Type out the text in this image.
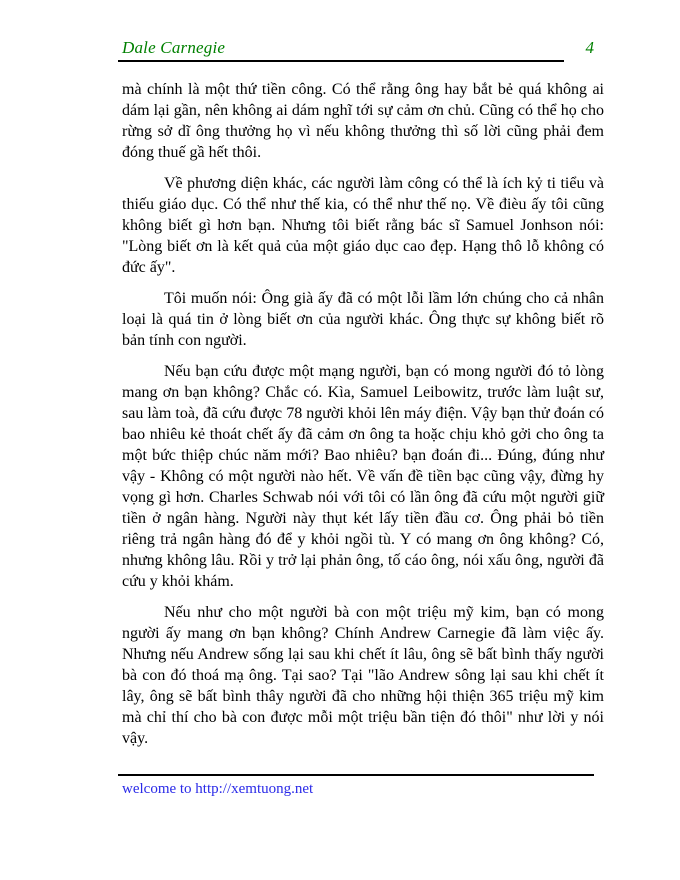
Dale Carnegie	4

mà chính là một thứ tiền công. Có thể rằng ông hay bắt bẻ quá không ai dám lại gần, nên không ai dám nghĩ tới sự cảm ơn chủ. Cũng có thể họ cho rừng sở dĩ ông thưởng họ vì nếu không thưởng thì số lời cũng phải đem đóng thuế gầ hết thôi.

Về phương diện khác, các người làm công có thể là ích kỷ ti tiểu và thiếu giáo dục. Có thể như thế kia, có thể như thế nọ. Về đièu ấy tôi cũng không biết gì hơn bạn. Nhưng tôi biết rằng bác sĩ Samuel Jonhson nói: "Lòng biết ơn là kết quả của một giáo dục cao đẹp. Hạng thô lỗ không có đức ấy".

Tôi muốn nói: Ông già ấy đã có một lỗi lầm lớn chúng cho cả nhân loại là quá tin ở lòng biết ơn của người khác. Ông thực sự không biết rõ bản tính con người.

Nếu bạn cứu được một mạng người, bạn có mong người đó tỏ lòng mang ơn bạn không? Chắc có. Kìa, Samuel Leibowitz, trước làm luật sư, sau làm toà, đã cứu được 78 người khỏi lên máy điện. Vậy bạn thử đoán có bao nhiêu kẻ thoát chết ấy đã cảm ơn ông ta hoặc chịu khỏ gởi cho ông ta một bức thiệp chúc năm mới? Bao nhiêu? bạn đoán đi... Đúng, đúng như vậy - Không có một người nào hết. Về vấn đề tiền bạc cũng vậy, đừng hy vọng gì hơn. Charles Schwab nói với tôi có lần ông đã cứu một người giữ tiền ở ngân hàng. Người này thụt két lấy tiền đầu cơ. Ông phải bỏ tiền riêng trả ngân hàng đó để y khỏi ngồi tù. Y có mang ơn ông không? Có, nhưng không lâu. Rồi y trở lại phản ông, tố cáo ông, nói xấu ông, người đã cứu y khỏi khám.

Nếu như cho một người bà con một triệu mỹ kim, bạn có mong người ấy mang ơn bạn không? Chính Andrew Carnegie đã làm việc ấy. Nhưng nếu Andrew sống lại sau khi chết ít lâu, ông sẽ bất bình thấy người bà con đó thoá mạ ông. Tại sao? Tại "lão Andrew sông lại sau khi chết ít lây, ông sẽ bất bình thây người đã cho những hội thiện 365 triệu mỹ kim mà chỉ thí cho bà con được mỗi một triệu bần tiện đó thôi" như lời y nói vậy.

welcome to http://xemtuong.net
